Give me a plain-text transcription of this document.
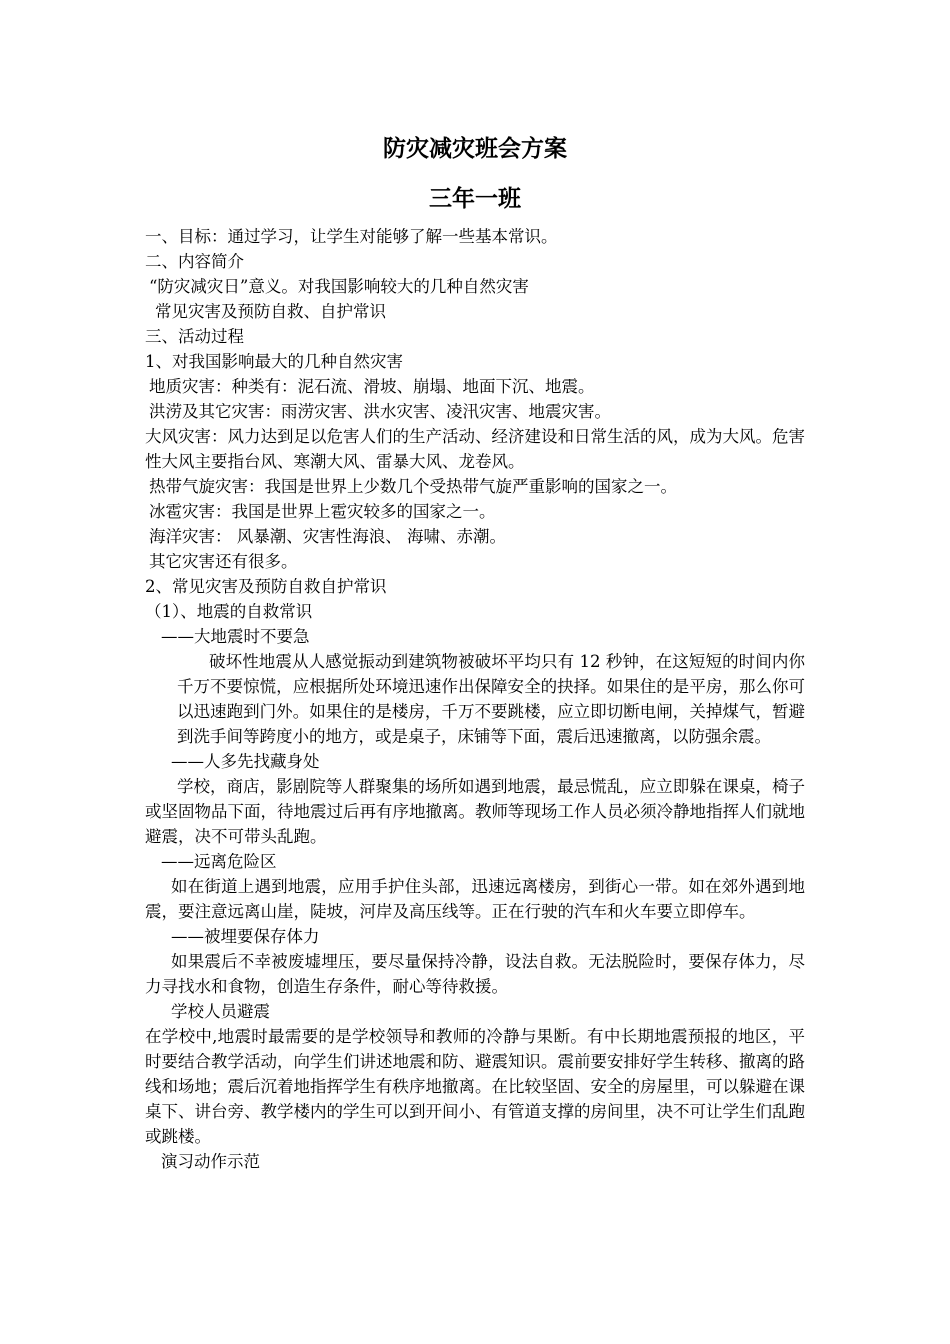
防灾减灾班会方案
三年一班

一、目标：通过学习，让学生对能够了解一些基本常识。

二、内容简介

“防灾减灾日”意义。对我国影响较大的几种自然灾害

常见灾害及预防自救、自护常识

三、活动过程

1、对我国影响最大的几种自然灾害

地质灾害：种类有：泥石流、滑坡、崩塌、地面下沉、地震。

洪涝及其它灾害：雨涝灾害、洪水灾害、凌汛灾害、地震灾害。

大风灾害：风力达到足以危害人们的生产活动、经济建设和日常生活的风，成为大风。危害性大风主要指台风、寒潮大风、雷暴大风、龙卷风。

热带气旋灾害：我国是世界上少数几个受热带气旋严重影响的国家之一。

冰雹灾害：我国是世界上雹灾较多的国家之一。

海洋灾害： 风暴潮、灾害性海浪、 海啸、赤潮。

其它灾害还有很多。

2、常见灾害及预防自救自护常识

（1）、地震的自救常识

——大地震时不要急

破坏性地震从人感觉振动到建筑物被破坏平均只有 12 秒钟，在这短短的时间内你千万不要惊慌，应根据所处环境迅速作出保障安全的抉择。如果住的是平房，那么你可以迅速跑到门外。如果住的是楼房，千万不要跳楼，应立即切断电闸，关掉煤气，暂避到洗手间等跨度小的地方，或是桌子，床铺等下面，震后迅速撤离，以防强余震。

——人多先找藏身处

学校，商店，影剧院等人群聚集的场所如遇到地震，最忌慌乱，应立即躲在课桌，椅子或坚固物品下面，待地震过后再有序地撤离。教师等现场工作人员必须冷静地指挥人们就地避震，决不可带头乱跑。

——远离危险区

如在街道上遇到地震，应用手护住头部，迅速远离楼房，到街心一带。如在郊外遇到地震，要注意远离山崖，陡坡，河岸及高压线等。正在行驶的汽车和火车要立即停车。

——被埋要保存体力

如果震后不幸被废墟埋压，要尽量保持冷静，设法自救。无法脱险时，要保存体力，尽力寻找水和食物，创造生存条件，耐心等待救援。

学校人员避震

在学校中,地震时最需要的是学校领导和教师的冷静与果断。有中长期地震预报的地区，平时要结合教学活动，向学生们讲述地震和防、避震知识。震前要安排好学生转移、撤离的路线和场地；震后沉着地指挥学生有秩序地撤离。在比较坚固、安全的房屋里，可以躲避在课桌下、讲台旁、教学楼内的学生可以到开间小、有管道支撑的房间里，决不可让学生们乱跑或跳楼。

演习动作示范
